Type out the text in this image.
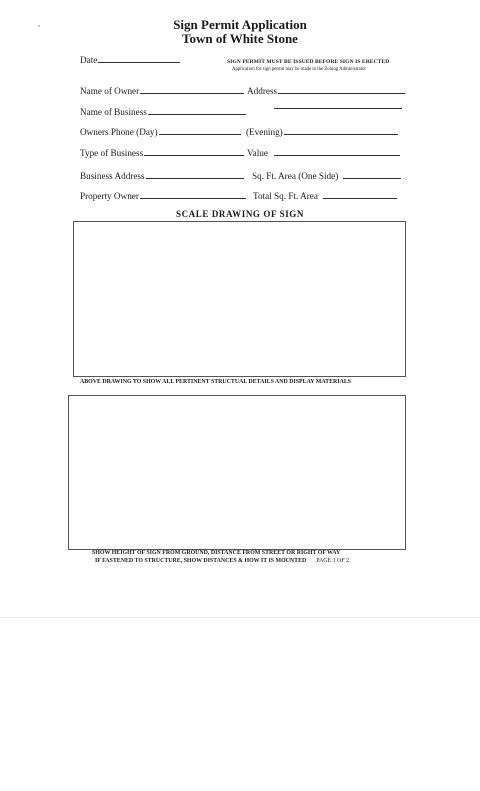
Sign Permit Application
Town of White Stone
Date	SIGN PERMIT MUST BE ISSUED BEFORE SIGN IS ERECTED
Application for sign permit may be made to the Zoning Administrator
Name of Owner	Address
Name of Business
Owners Phone (Day)	(Evening)
Type of Business	Value
Business Address	Sq. Ft. Area (One Side)
Property Owner	Total Sq. Ft. Area
SCALE DRAWING OF SIGN
ABOVE DRAWING TO SHOW ALL PERTINENT STRUCTUAL DETAILS AND DISPLAY MATERIALS
SHOW HEIGHT OF SIGN FROM GROUND, DISTANCE FROM STREET OR RIGHT OF WAY
IF FASTENED TO STRUCTURE, SHOW DISTANCES & HOW IT IS MOUNTED PAGE 1 OF 2
